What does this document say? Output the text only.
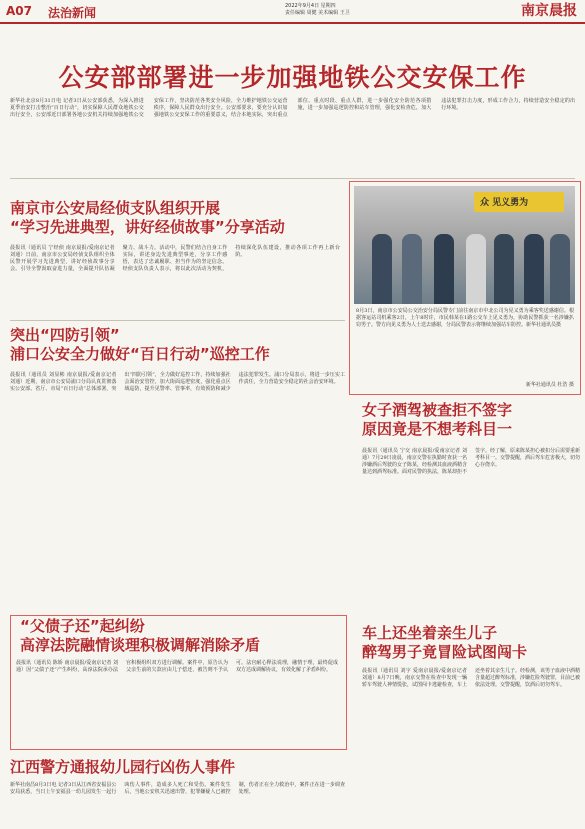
A07 法治新闻	2022年9月4日 星期四
责任编辑 周健 美术编辑 王卫	南京晨报
公安部部署进一步加强地铁公交安保工作
新华社北京8月31日电 记者3日从公安部获悉，为深入推进夏季治安打击整治“百日行动”，切实保障人民群众地铁公交出行安全，公安部近日部署各地公安机关持续加强地铁公交安保工作，坚决防范各类安全风险，全力维护地铁公交运营秩序，保障人民群众出行安全。公安部要求，要充分认识加强地铁公交安保工作的重要意义，结合本地实际，突出重点部位、重点时段、重点人群，进一步强化安全防范各项措施，进一步加强巡逻防控和站车管理，强化安检查危，加大违法犯罪打击力度，形成工作合力，持续营造安全稳定的出行环境。
南京市公安局经侦支队组织开展
“学习先进典型，讲好经侦故事”分享活动
晨报讯（通讯员 宁经侦 南京晨报/爱南京记者 刘通）日前，南京市公安局经侦支队组织全体民警开展学习先进典型，讲好经侦故事分享会。引导全警汲取奋进力量，全面提升队伍凝聚力、战斗力。活动中，民警们结合自身工作实际，讲述身边先进典型事迹，分享工作感悟，表达了忠诚履职、担当作为的坚定信念。经侦支队负责人表示，将以此次活动为契机，持续深化队伍建设，推动各项工作再上新台阶。
众 见义勇为
8月3日，南京市公安局公交治安分局民警专门前往南京市中北公司为见义勇为乘客奖送感谢信。根据客运站司机乘客2日，上午8时许，市民韩某在1路公交车上见义勇为，协助民警抓获一名涉嫌扒窃男子。警方向见义勇为人士送去感谢，分局民警表示将继续加强站车防控。新华社通讯员摄
新华社通讯员 杜浩 摄
突出“四防引领”
浦口公安全力做好“百日行动”巡控工作
晨报讯（通讯员 刘显彬 南京晨报/爱南京记者 刘通）近期，南京市公安局浦口分局认真贯彻落实公安部、省厅、市局“百日行动”总体部署，突出“四防引领”，全力做好巡控工作，持续加强社会面治安管控，加大街面巡逻密度，强化重点区域巡防，提升见警率、管事率，有效预防和减少违法犯罪发生。浦口分局表示，将进一步压实工作责任，全力营造安全稳定的社会治安环境。
女子酒驾被查拒不签字
原因竟是不想考科目一
晨报讯（通讯员 宁交 南京晨报/爱南京记者 刘通）7月29日凌晨，南京交警在执勤时查获一名涉嫌酒后驾驶的女子陈某，经检测其血液酒精含量达到酒驾标准。面对民警的执法，陈某却拒不签字。经了解，原来陈某担心被扣分后需要重新考科目一。交警提醒，酒后驾车危害极大，切勿心存侥幸。
“父债子还”起纠纷
高淳法院融情谈理积极调解消除矛盾
晨报讯（通讯员 陈娇 南京晨报/爱南京记者 刘通）因“父债子还”产生纠纷，高淳法院承办法官积极组织双方进行调解。案件中，原告认为父亲生前的欠款应由儿子偿还，被告则不予认可。法官耐心释法说理，融情于理，最终促成双方达成调解协议，有效化解了矛盾纠纷。
车上还坐着亲生儿子
醉驾男子竟冒险试图闯卡
晨报讯（通讯员 刘宇 爱南京晨报/爱南京记者 刘通）8月7日晚，南京交警在检查中发现一辆轿车驾驶人神情慌张，试图闯卡逃避检查，车上还坐着其亲生儿子。经检测，该男子血液中酒精含量超过醉驾标准，涉嫌危险驾驶罪，目前已被依法处理。交警提醒，饮酒后切勿驾车。
江西警方通报幼儿园行凶伤人事件
新华社南昌8月3日电 记者3日从江西省安福县公安局获悉，当日上午安福县一幼儿园发生一起行凶伤人事件，造成多人死亡和受伤。案件发生后，当地公安机关迅速出警，犯罪嫌疑人已被控制，伤者正在全力救治中，案件正在进一步调查处理。
